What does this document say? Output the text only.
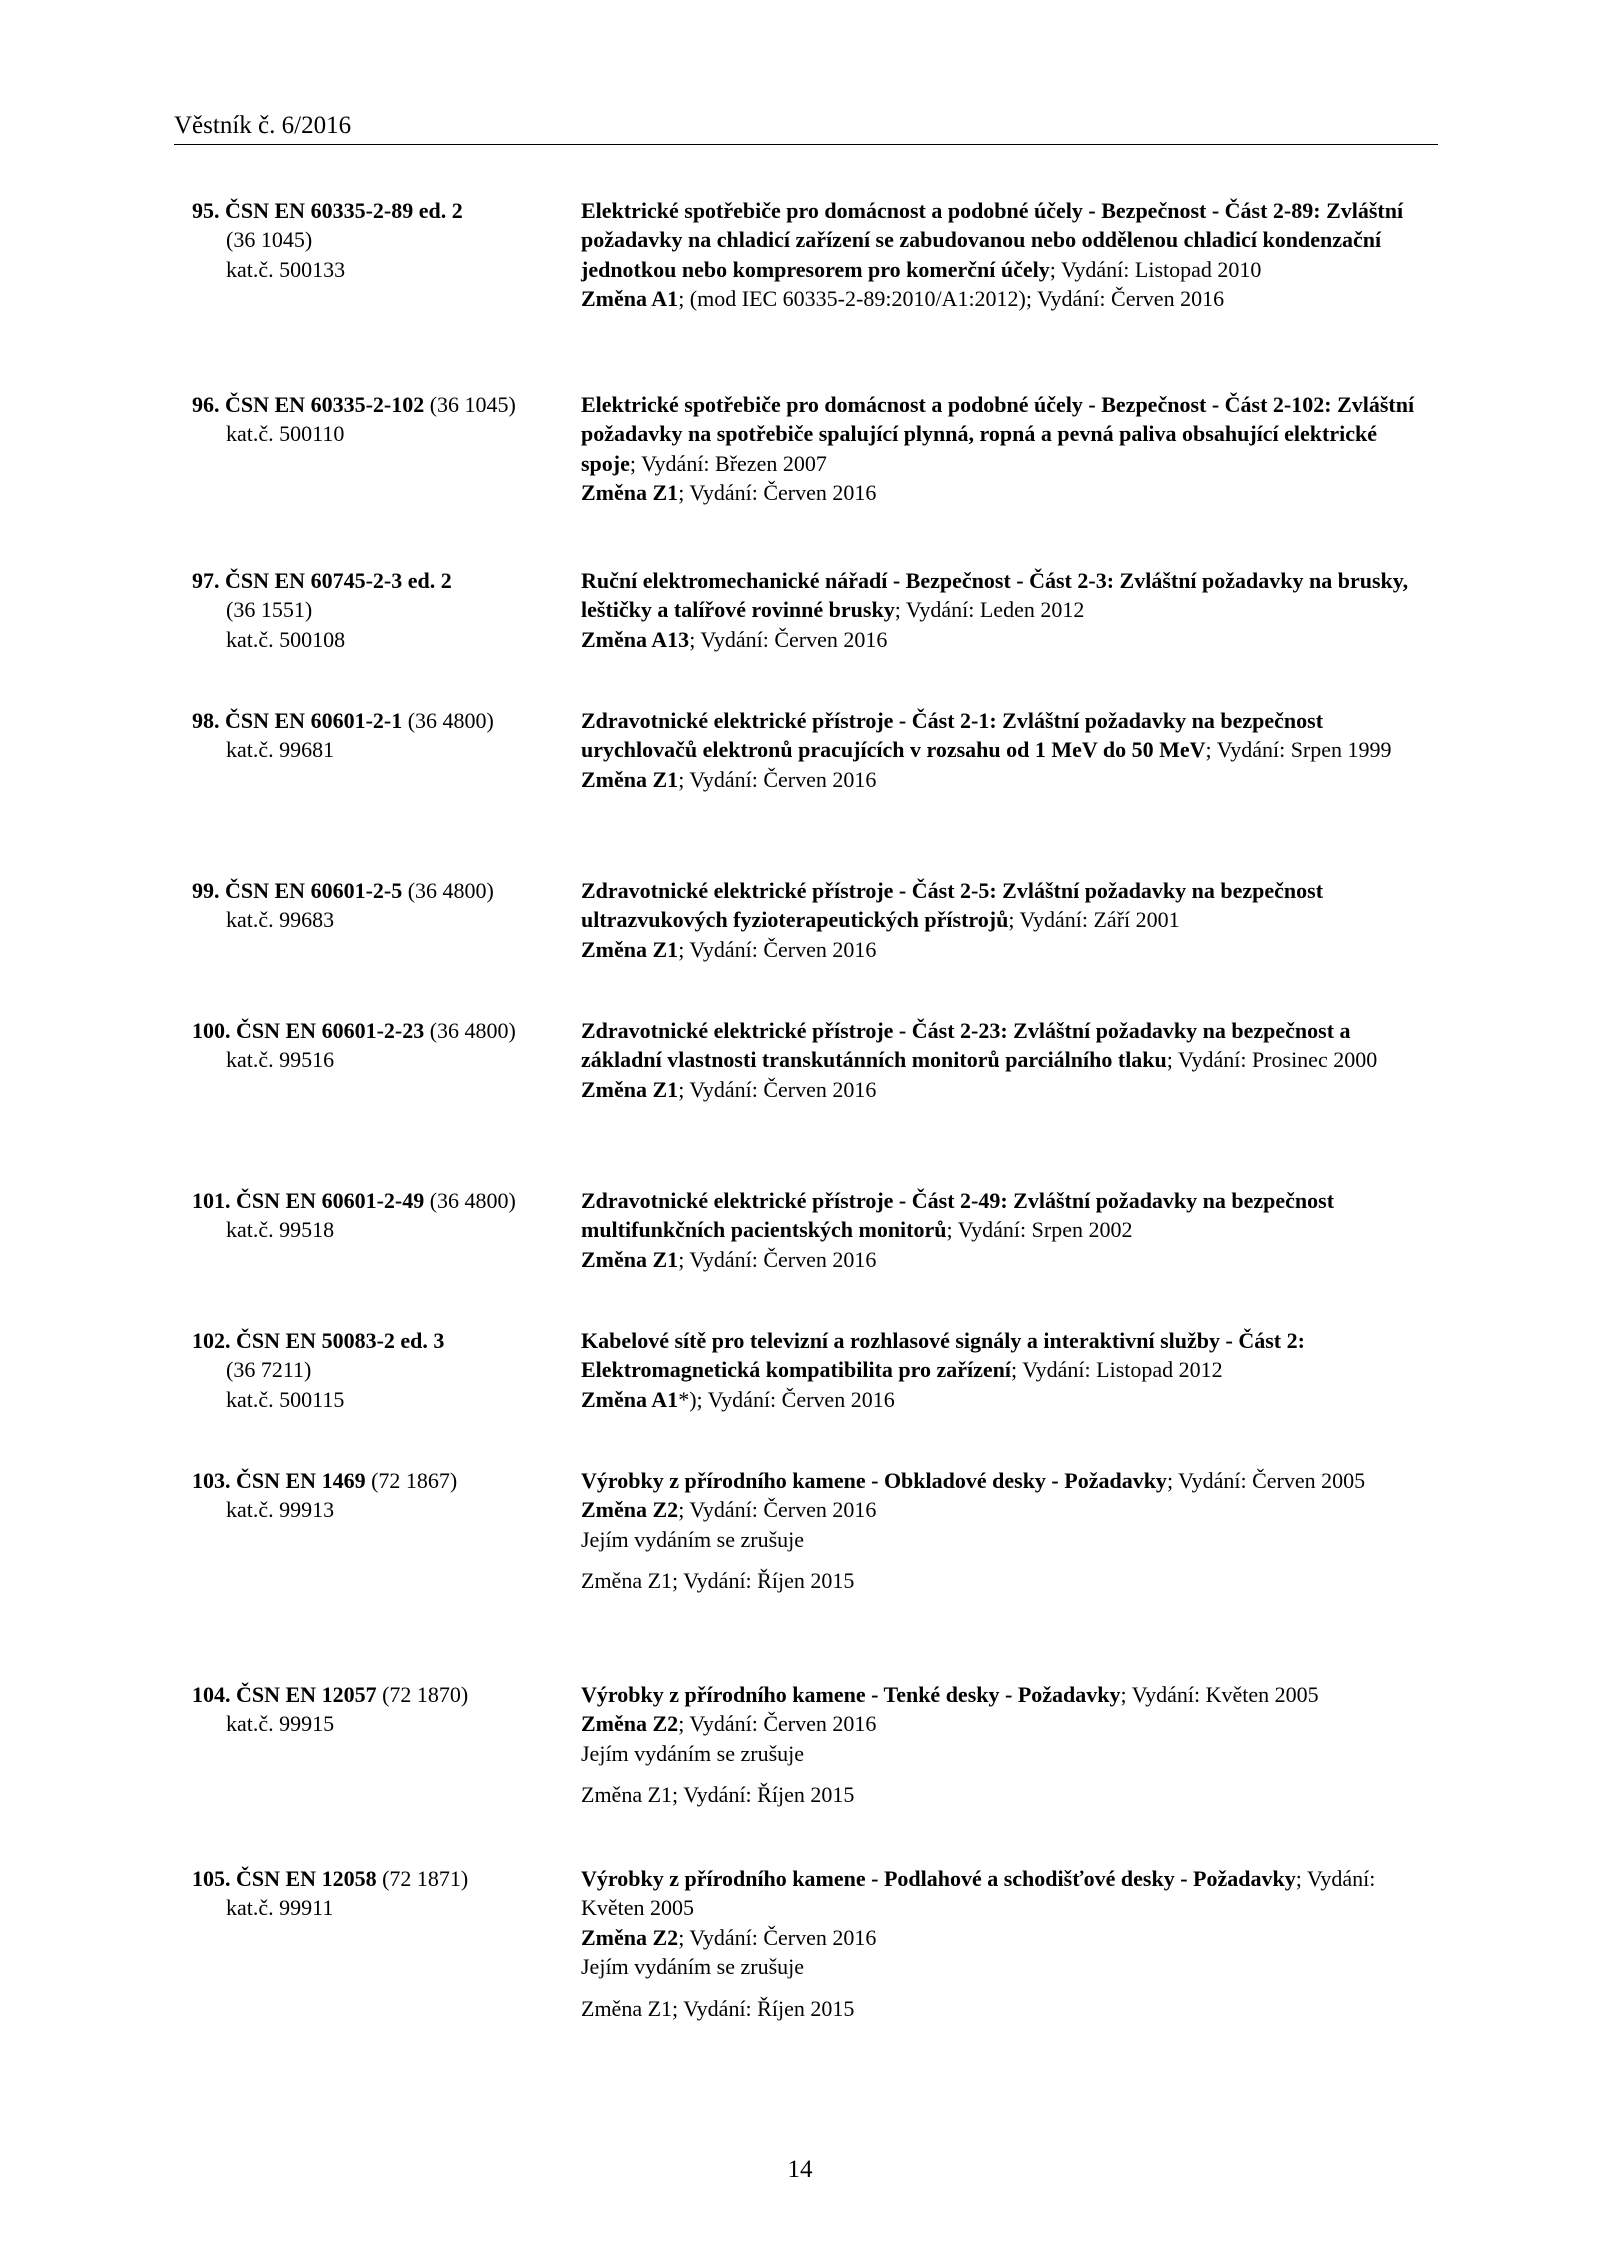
Věstník č. 6/2016
95. ČSN EN 60335-2-89 ed. 2
(36 1045)
kat.č. 500133
Elektrické spotřebiče pro domácnost a podobné účely - Bezpečnost - Část 2-89: Zvláštní požadavky na chladicí zařízení se zabudovanou nebo oddělenou chladicí kondenzační jednotkou nebo kompresorem pro komerční účely; Vydání: Listopad 2010
Změna A1; (mod IEC 60335-2-89:2010/A1:2012); Vydání: Červen 2016
96. ČSN EN 60335-2-102 (36 1045)
kat.č. 500110
Elektrické spotřebiče pro domácnost a podobné účely - Bezpečnost - Část 2-102: Zvláštní požadavky na spotřebiče spalující plynná, ropná a pevná paliva obsahující elektrické spoje; Vydání: Březen 2007
Změna Z1; Vydání: Červen 2016
97. ČSN EN 60745-2-3 ed. 2
(36 1551)
kat.č. 500108
Ruční elektromechanické nářadí - Bezpečnost - Část 2-3: Zvláštní požadavky na brusky, leštičky a talířové rovinné brusky; Vydání: Leden 2012
Změna A13; Vydání: Červen 2016
98. ČSN EN 60601-2-1 (36 4800)
kat.č. 99681
Zdravotnické elektrické přístroje - Část 2-1: Zvláštní požadavky na bezpečnost urychlovačů elektronů pracujících v rozsahu od 1 MeV do 50 MeV; Vydání: Srpen 1999
Změna Z1; Vydání: Červen 2016
99. ČSN EN 60601-2-5 (36 4800)
kat.č. 99683
Zdravotnické elektrické přístroje - Část 2-5: Zvláštní požadavky na bezpečnost ultrazvukových fyzioterapeutických přístrojů; Vydání: Září 2001
Změna Z1; Vydání: Červen 2016
100. ČSN EN 60601-2-23 (36 4800)
kat.č. 99516
Zdravotnické elektrické přístroje - Část 2-23: Zvláštní požadavky na bezpečnost a základní vlastnosti transkutánních monitorů parciálního tlaku; Vydání: Prosinec 2000
Změna Z1; Vydání: Červen 2016
101. ČSN EN 60601-2-49 (36 4800)
kat.č. 99518
Zdravotnické elektrické přístroje - Část 2-49: Zvláštní požadavky na bezpečnost multifunkčních pacientských monitorů; Vydání: Srpen 2002
Změna Z1; Vydání: Červen 2016
102. ČSN EN 50083-2 ed. 3
(36 7211)
kat.č. 500115
Kabelové sítě pro televizní a rozhlasové signály a interaktivní služby - Část 2: Elektromagnetická kompatibilita pro zařízení; Vydání: Listopad 2012
Změna A1*); Vydání: Červen 2016
103. ČSN EN 1469 (72 1867)
kat.č. 99913
Výrobky z přírodního kamene - Obkladové desky - Požadavky; Vydání: Červen 2005
Změna Z2; Vydání: Červen 2016
Jejím vydáním se zrušuje
Změna Z1; Vydání: Říjen 2015
104. ČSN EN 12057 (72 1870)
kat.č. 99915
Výrobky z přírodního kamene - Tenké desky - Požadavky; Vydání: Květen 2005
Změna Z2; Vydání: Červen 2016
Jejím vydáním se zrušuje
Změna Z1; Vydání: Říjen 2015
105. ČSN EN 12058 (72 1871)
kat.č. 99911
Výrobky z přírodního kamene - Podlahové a schodišťové desky - Požadavky; Vydání: Květen 2005
Změna Z2; Vydání: Červen 2016
Jejím vydáním se zrušuje
Změna Z1; Vydání: Říjen 2015
14
